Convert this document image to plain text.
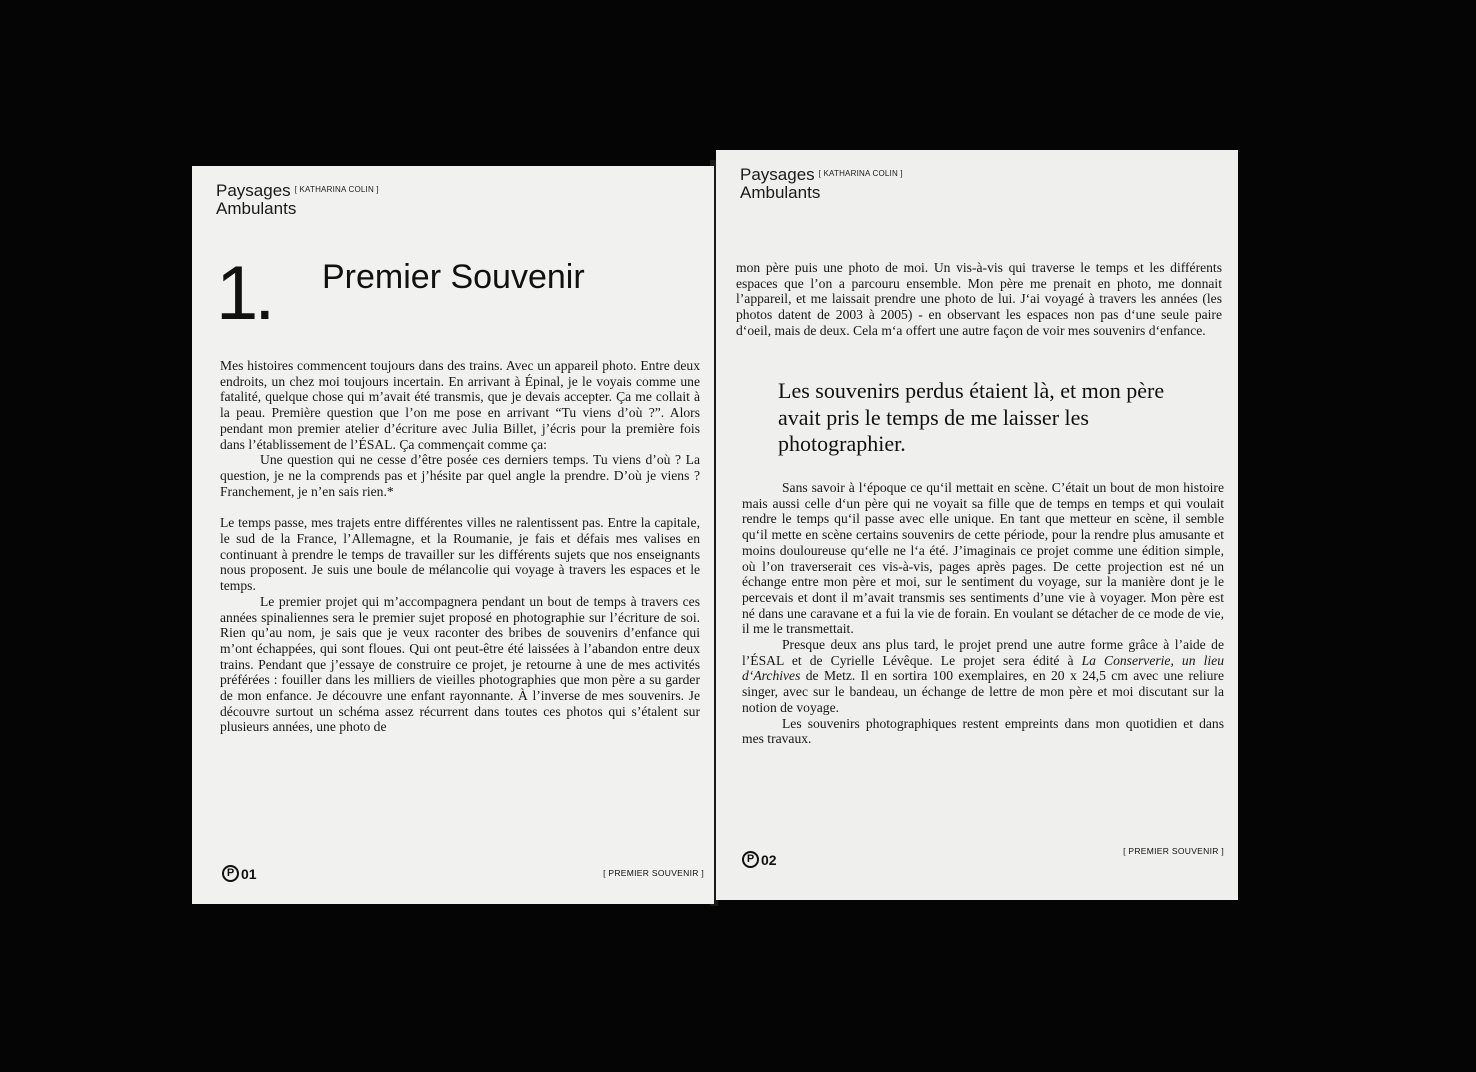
Paysages [ KATHARINA COLIN ]
Ambulants
1. Premier Souvenir

Mes histoires commencent toujours dans des trains. Avec un appareil photo. Entre deux endroits, un chez moi toujours incertain. En arrivant à Épinal, je le voyais comme une fatalité, quelque chose qui m’avait été transmis, que je devais accepter. Ça me collait à la peau. Première question que l’on me pose en arrivant “Tu viens d’où ?”. Alors pendant mon premier atelier d’écriture avec Julia Billet, j’écris pour la première fois dans l’établissement de l’ÉSAL. Ça commençait comme ça:

Une question qui ne cesse d’être posée ces derniers temps. Tu viens d’où ? La question, je ne la comprends pas et j’hésite par quel angle la prendre. D’où je viens ? Franchement, je n’en sais rien.*

Le temps passe, mes trajets entre différentes villes ne ralentissent pas. Entre la capitale, le sud de la France, l’Allemagne, et la Roumanie, je fais et défais mes valises en continuant à prendre le temps de travailler sur les différents sujets que nos enseignants nous proposent. Je suis une boule de mélancolie qui voyage à travers les espaces et le temps.

Le premier projet qui m’accompagnera pendant un bout de temps à travers ces années spinaliennes sera le premier sujet proposé en photographie sur l’écriture de soi. Rien qu’au nom, je sais que je veux raconter des bribes de souvenirs d’enfance qui m’ont échappées, qui sont floues. Qui ont peut-être été laissées à l’abandon entre deux trains. Pendant que j’essaye de construire ce projet, je retourne à une de mes activités préférées : fouiller dans les milliers de vieilles photographies que mon père a su garder de mon enfance. Je découvre une enfant rayonnante. À l’inverse de mes souvenirs. Je découvre surtout un schéma assez récurrent dans toutes ces photos qui s’étalent sur plusieurs années, une photo de

P 01	[ PREMIER SOUVENIR ]
Paysages [ KATHARINA COLIN ]
Ambulants

mon père puis une photo de moi. Un vis-à-vis qui traverse le temps et les différents espaces que l’on a parcouru ensemble. Mon père me prenait en photo, me donnait l’appareil, et me laissait prendre une photo de lui. J‘ai voyagé à travers les années (les photos datent de 2003 à 2005) - en observant les espaces non pas d‘une seule paire d‘oeil, mais de deux. Cela m‘a offert une autre façon de voir mes souvenirs d‘enfance.

Les souvenirs perdus étaient là, et mon père avait pris le temps de me laisser les photographier.

Sans savoir à l‘époque ce qu‘il mettait en scène. C’était un bout de mon histoire mais aussi celle d‘un père qui ne voyait sa fille que de temps en temps et qui voulait rendre le temps qu‘il passe avec elle unique. En tant que metteur en scène, il semble qu‘il mette en scène certains souvenirs de cette période, pour la rendre plus amusante et moins douloureuse qu‘elle ne l‘a été. J’imaginais ce projet comme une édition simple, où l’on traverserait ces vis-à-vis, pages après pages. De cette projection est né un échange entre mon père et moi, sur le sentiment du voyage, sur la manière dont je le percevais et dont il m’avait transmis ses sentiments d’une vie à voyager. Mon père est né dans une caravane et a fui la vie de forain. En voulant se détacher de ce mode de vie, il me le transmettait.

Presque deux ans plus tard, le projet prend une autre forme grâce à l’aide de l’ÉSAL et de Cyrielle Lévêque. Le projet sera édité à La Conserverie, un lieu d‘Archives de Metz. Il en sortira 100 exemplaires, en 20 x 24,5 cm avec une reliure singer, avec sur le bandeau, un échange de lettre de mon père et moi discutant sur la notion de voyage.

Les souvenirs photographiques restent empreints dans mon quotidien et dans mes travaux.

P 02
[ PREMIER SOUVENIR ]
